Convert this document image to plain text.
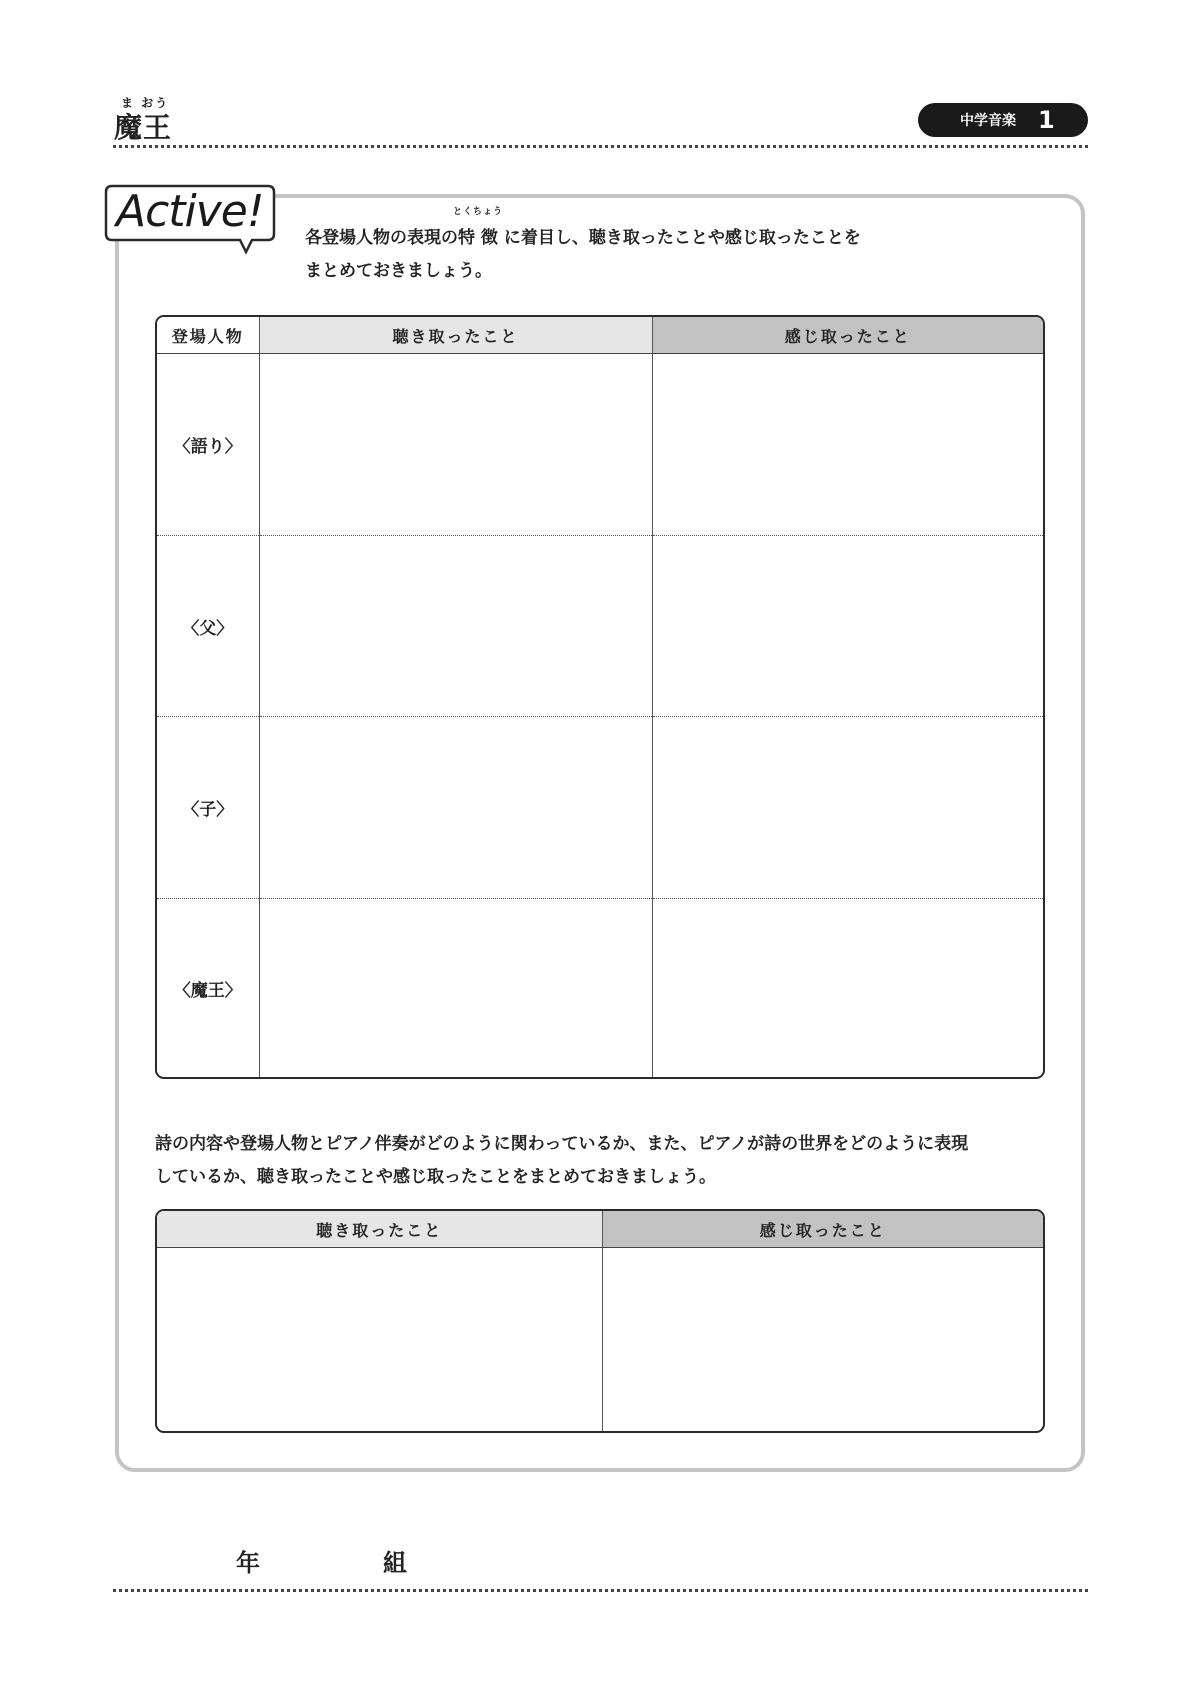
ま おう
魔王	中学音楽 1
Active!
各登場人物の表現の特 徴
とくちょう
に着目し、聴き取ったことや感じ取ったことを
まとめておきましょう。
登場人物	聴き取ったこと	感じ取ったこと
〈語り〉		
〈父〉		
〈子〉		
〈魔王〉		
詩の内容や登場人物とピアノ伴奏がどのように関わっているか、また、ピアノが詩の世界をどのように表現
しているか、聴き取ったことや感じ取ったことをまとめておきましょう。
聴き取ったこと	感じ取ったこと

年	組
